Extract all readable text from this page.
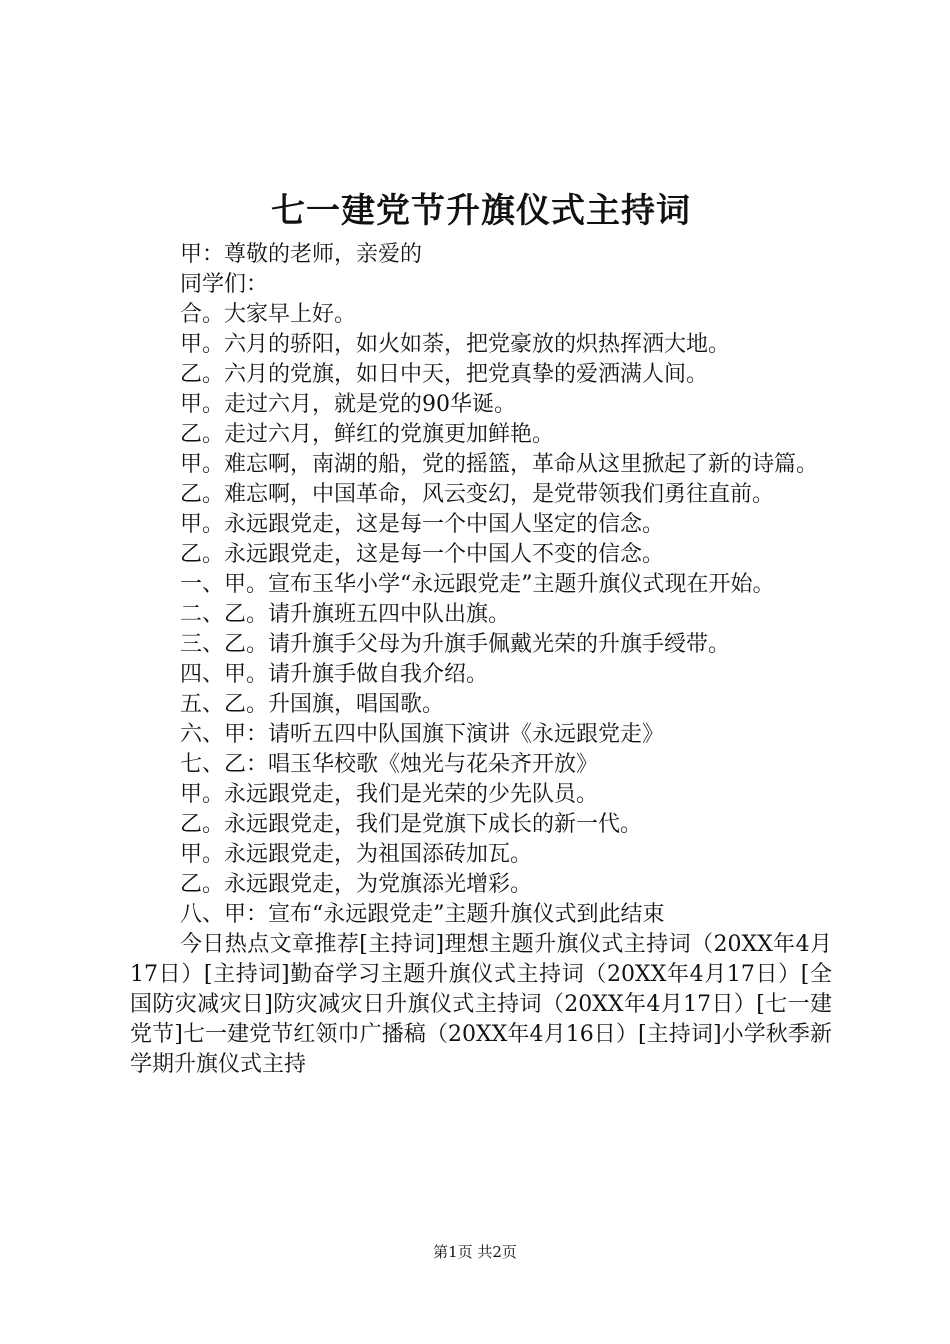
七一建党节升旗仪式主持词

甲：尊敬的老师，亲爱的

同学们：

合。大家早上好。

甲。六月的骄阳，如火如荼，把党豪放的炽热挥洒大地。

乙。六月的党旗，如日中天，把党真挚的爱洒满人间。

甲。走过六月，就是党的90华诞。

乙。走过六月，鲜红的党旗更加鲜艳。

甲。难忘啊，南湖的船，党的摇篮，革命从这里掀起了新的诗篇。

乙。难忘啊，中国革命，风云变幻，是党带领我们勇往直前。

甲。永远跟党走，这是每一个中国人坚定的信念。

乙。永远跟党走，这是每一个中国人不变的信念。

一、甲。宣布玉华小学“永远跟党走”主题升旗仪式现在开始。

二、乙。请升旗班五四中队出旗。

三、乙。请升旗手父母为升旗手佩戴光荣的升旗手绶带。

四、甲。请升旗手做自我介绍。

五、乙。升国旗，唱国歌。

六、甲：请听五四中队国旗下演讲《永远跟党走》

七、乙：唱玉华校歌《烛光与花朵齐开放》

甲。永远跟党走，我们是光荣的少先队员。

乙。永远跟党走，我们是党旗下成长的新一代。

甲。永远跟党走，为祖国添砖加瓦。

乙。永远跟党走，为党旗添光增彩。

八、甲：宣布“永远跟党走”主题升旗仪式到此结束

今日热点文章推荐[主持词]理想主题升旗仪式主持词（20XX年4月17日）[主持词]勤奋学习主题升旗仪式主持词（20XX年4月17日）[全国防灾减灾日]防灾减灾日升旗仪式主持词（20XX年4月17日）[七一建党节]七一建党节红领巾广播稿（20XX年4月16日）[主持词]小学秋季新学期升旗仪式主持

第1页 共2页
